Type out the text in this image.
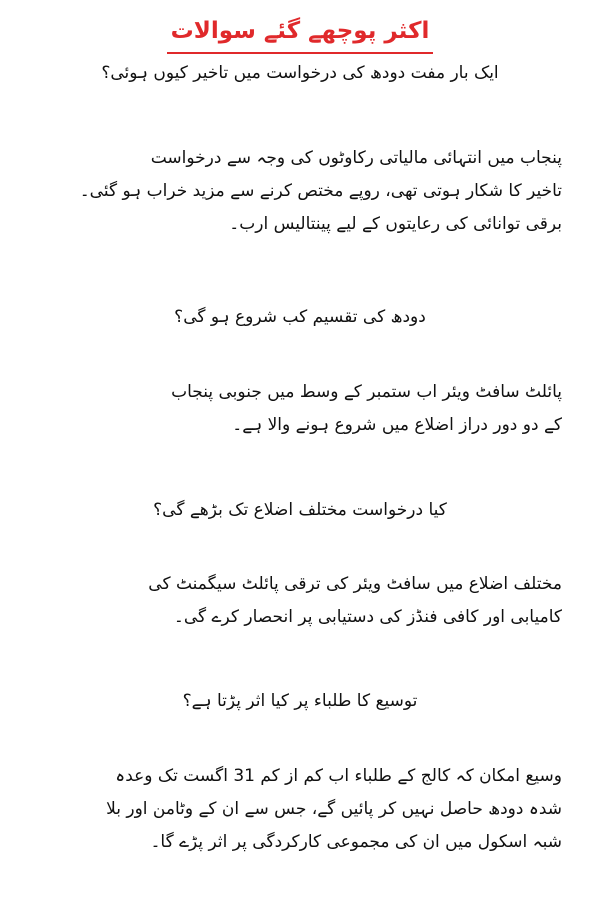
اکثر پوچھے گئے سوالات

ایک بار مفت دودھ کی درخواست میں تاخیر کیوں ہوئی؟

پنجاب میں انتہائی مالیاتی رکاوٹوں کی وجہ سے درخواست

تاخیر کا شکار ہوتی تھی، روپے مختص کرنے سے مزید خراب ہو گئی۔

برقی توانائی کی رعایتوں کے لیے پینتالیس ارب۔

دودھ کی تقسیم کب شروع ہو گی؟

پائلٹ سافٹ ویئر اب ستمبر کے وسط میں جنوبی پنجاب

کے دو دور دراز اضلاع میں شروع ہونے والا ہے۔

کیا درخواست مختلف اضلاع تک بڑھے گی؟

مختلف اضلاع میں سافٹ ویئر کی ترقی پائلٹ سیگمنٹ کی

کامیابی اور کافی فنڈز کی دستیابی پر انحصار کرے گی۔

توسیع کا طلباء پر کیا اثر پڑتا ہے؟

وسیع امکان کہ کالج کے طلباء اب کم از کم 31 اگست تک وعدہ

شدہ دودھ حاصل نہیں کر پائیں گے، جس سے ان کے وٹامن اور بلا

شبہ اسکول میں ان کی مجموعی کارکردگی پر اثر پڑے گا۔
